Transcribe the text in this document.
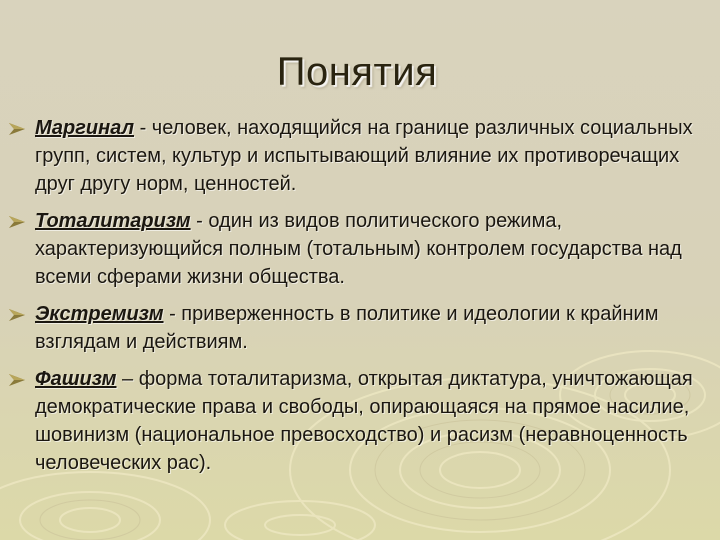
Понятия
Маргинал - человек, находящийся на границе различных социальных групп, систем, культур и испытывающий влияние их противоречащих друг другу норм, ценностей.
Тоталитаризм - один из видов политического режима, характеризующийся полным (тотальным) контролем государства над всеми сферами жизни общества.
Экстремизм - приверженность в политике и идеологии к крайним взглядам и действиям.
Фашизм – форма тоталитаризма, открытая диктатура, уничтожающая демократические права и свободы, опирающаяся на прямое насилие, шовинизм (национальное превосходство) и расизм (неравноценность человеческих рас).
